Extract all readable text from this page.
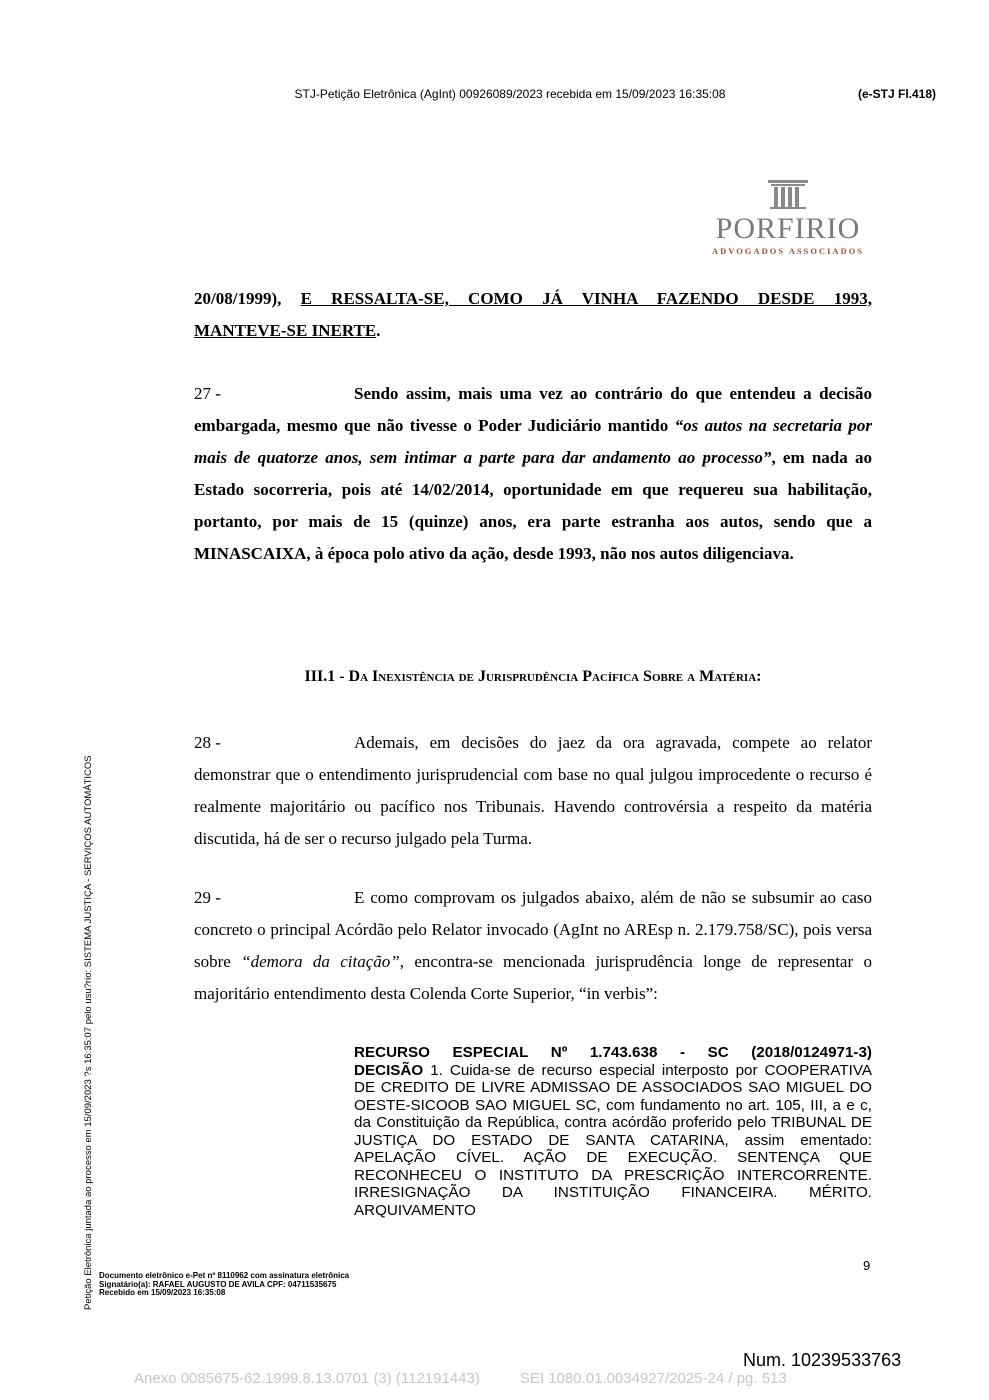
STJ-Petição Eletrônica (AgInt) 00926089/2023 recebida em 15/09/2023 16:35:08	(e-STJ Fl.418)
PORFIRIO
ADVOGADOS ASSOCIADOS
20/08/1999), E RESSALTA-SE, COMO JÁ VINHA FAZENDO DESDE 1993,
MANTEVE-SE INERTE.
27 -	Sendo assim, mais uma vez ao contrário do que entendeu a decisão embargada, mesmo que não tivesse o Poder Judiciário mantido “os autos na secretaria por mais de quatorze anos, sem intimar a parte para dar andamento ao processo”, em nada ao Estado socorreria, pois até 14/02/2014, oportunidade em que requereu sua habilitação, portanto, por mais de 15 (quinze) anos, era parte estranha aos autos, sendo que a MINASCAIXA, à época polo ativo da ação, desde 1993, não nos autos diligenciava.
III.1 - Da Inexistência de Jurisprudência Pacífica Sobre a Matéria:
28 -	Ademais, em decisões do jaez da ora agravada, compete ao relator demonstrar que o entendimento jurisprudencial com base no qual julgou improcedente o recurso é realmente majoritário ou pacífico nos Tribunais. Havendo controvérsia a respeito da matéria discutida, há de ser o recurso julgado pela Turma.
29 -	E como comprovam os julgados abaixo, além de não se subsumir ao caso concreto o principal Acórdão pelo Relator invocado (AgInt no AREsp n. 2.179.758/SC), pois versa sobre “demora da citação”, encontra-se mencionada jurisprudência longe de representar o majoritário entendimento desta Colenda Corte Superior, “in verbis”:
RECURSO ESPECIAL Nº 1.743.638 - SC (2018/0124971-3)
DECISÃO 1. Cuida-se de recurso especial interposto por COOPERATIVA DE CREDITO DE LIVRE ADMISSAO DE ASSOCIADOS SAO MIGUEL DO OESTE-SICOOB SAO MIGUEL SC, com fundamento no art. 105, III, a e c, da Constituição da República, contra acórdão proferido pelo TRIBUNAL DE JUSTIÇA DO ESTADO DE SANTA CATARINA, assim ementado: APELAÇÃO CÍVEL. AÇÃO DE EXECUÇÃO. SENTENÇA QUE RECONHECEU O INSTITUTO DA PRESCRIÇÃO INTERCORRENTE. IRRESIGNAÇÃO DA INSTITUIÇÃO FINANCEIRA. MÉRITO. ARQUIVAMENTO
9
Petição Eletrônica juntada ao processo em 15/09/2023 ?s 16:35:07 pelo usu?rio: SISTEMA JUSTIÇA - SERVIÇOS AUTOMÁTICOS Documento eletrônico e-Pet nº 8110962 com assinatura eletrônica
Signatário(a): RAFAEL AUGUSTO DE AVILA CPF: 04711535675
Recebido em 15/09/2023 16:35:08
Num. 10239533763
Anexo 0085675-62.1999.8.13.0701 (3) (112191443)	SEI 1080.01.0034927/2025-24 / pg. 513
